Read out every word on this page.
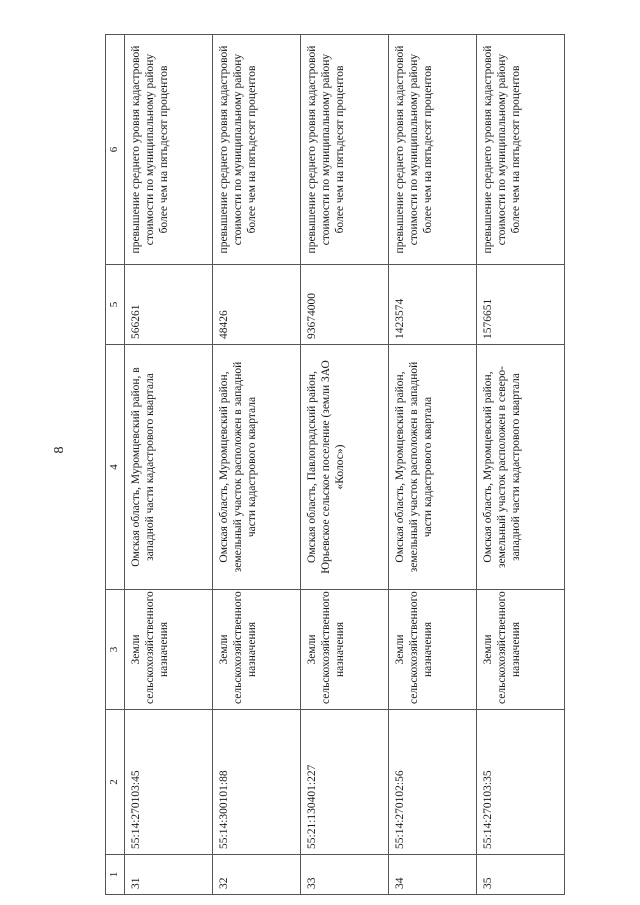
8
1	2	3	4	5	6
31	55:14:270103:45	Земли сельскохозяйственного назначения	Омская область, Муромцевский район, в западной части кадастрового квартала	566261	превышение среднего уровня кадастровой стоимости по муниципальному району более чем на пятьдесят процентов
32	55:14:300101:88	Земли сельскохозяйственного назначения	Омская область, Муромцевский район, земельный участок расположен в западной части кадастрового квартала	48426	превышение среднего уровня кадастровой стоимости по муниципальному району более чем на пятьдесят процентов
33	55:21:130401:227	Земли сельскохозяйственного назначения	Омская область, Павлоградский район, Юрьевское сельское поселение (земли ЗАО «Колос»)	93674000	превышение среднего уровня кадастровой стоимости по муниципальному району более чем на пятьдесят процентов
34	55:14:270102:56	Земли сельскохозяйственного назначения	Омская область, Муромцевский район, земельный участок расположен в западной части кадастрового квартала	1423574	превышение среднего уровня кадастровой стоимости по муниципальному району более чем на пятьдесят процентов
35	55:14:270103:35	Земли сельскохозяйственного назначения	Омская область, Муромцевский район, земельный участок расположен в северо-западной части кадастрового квартала	1576651	превышение среднего уровня кадастровой стоимости по муниципальному району более чем на пятьдесят процентов
